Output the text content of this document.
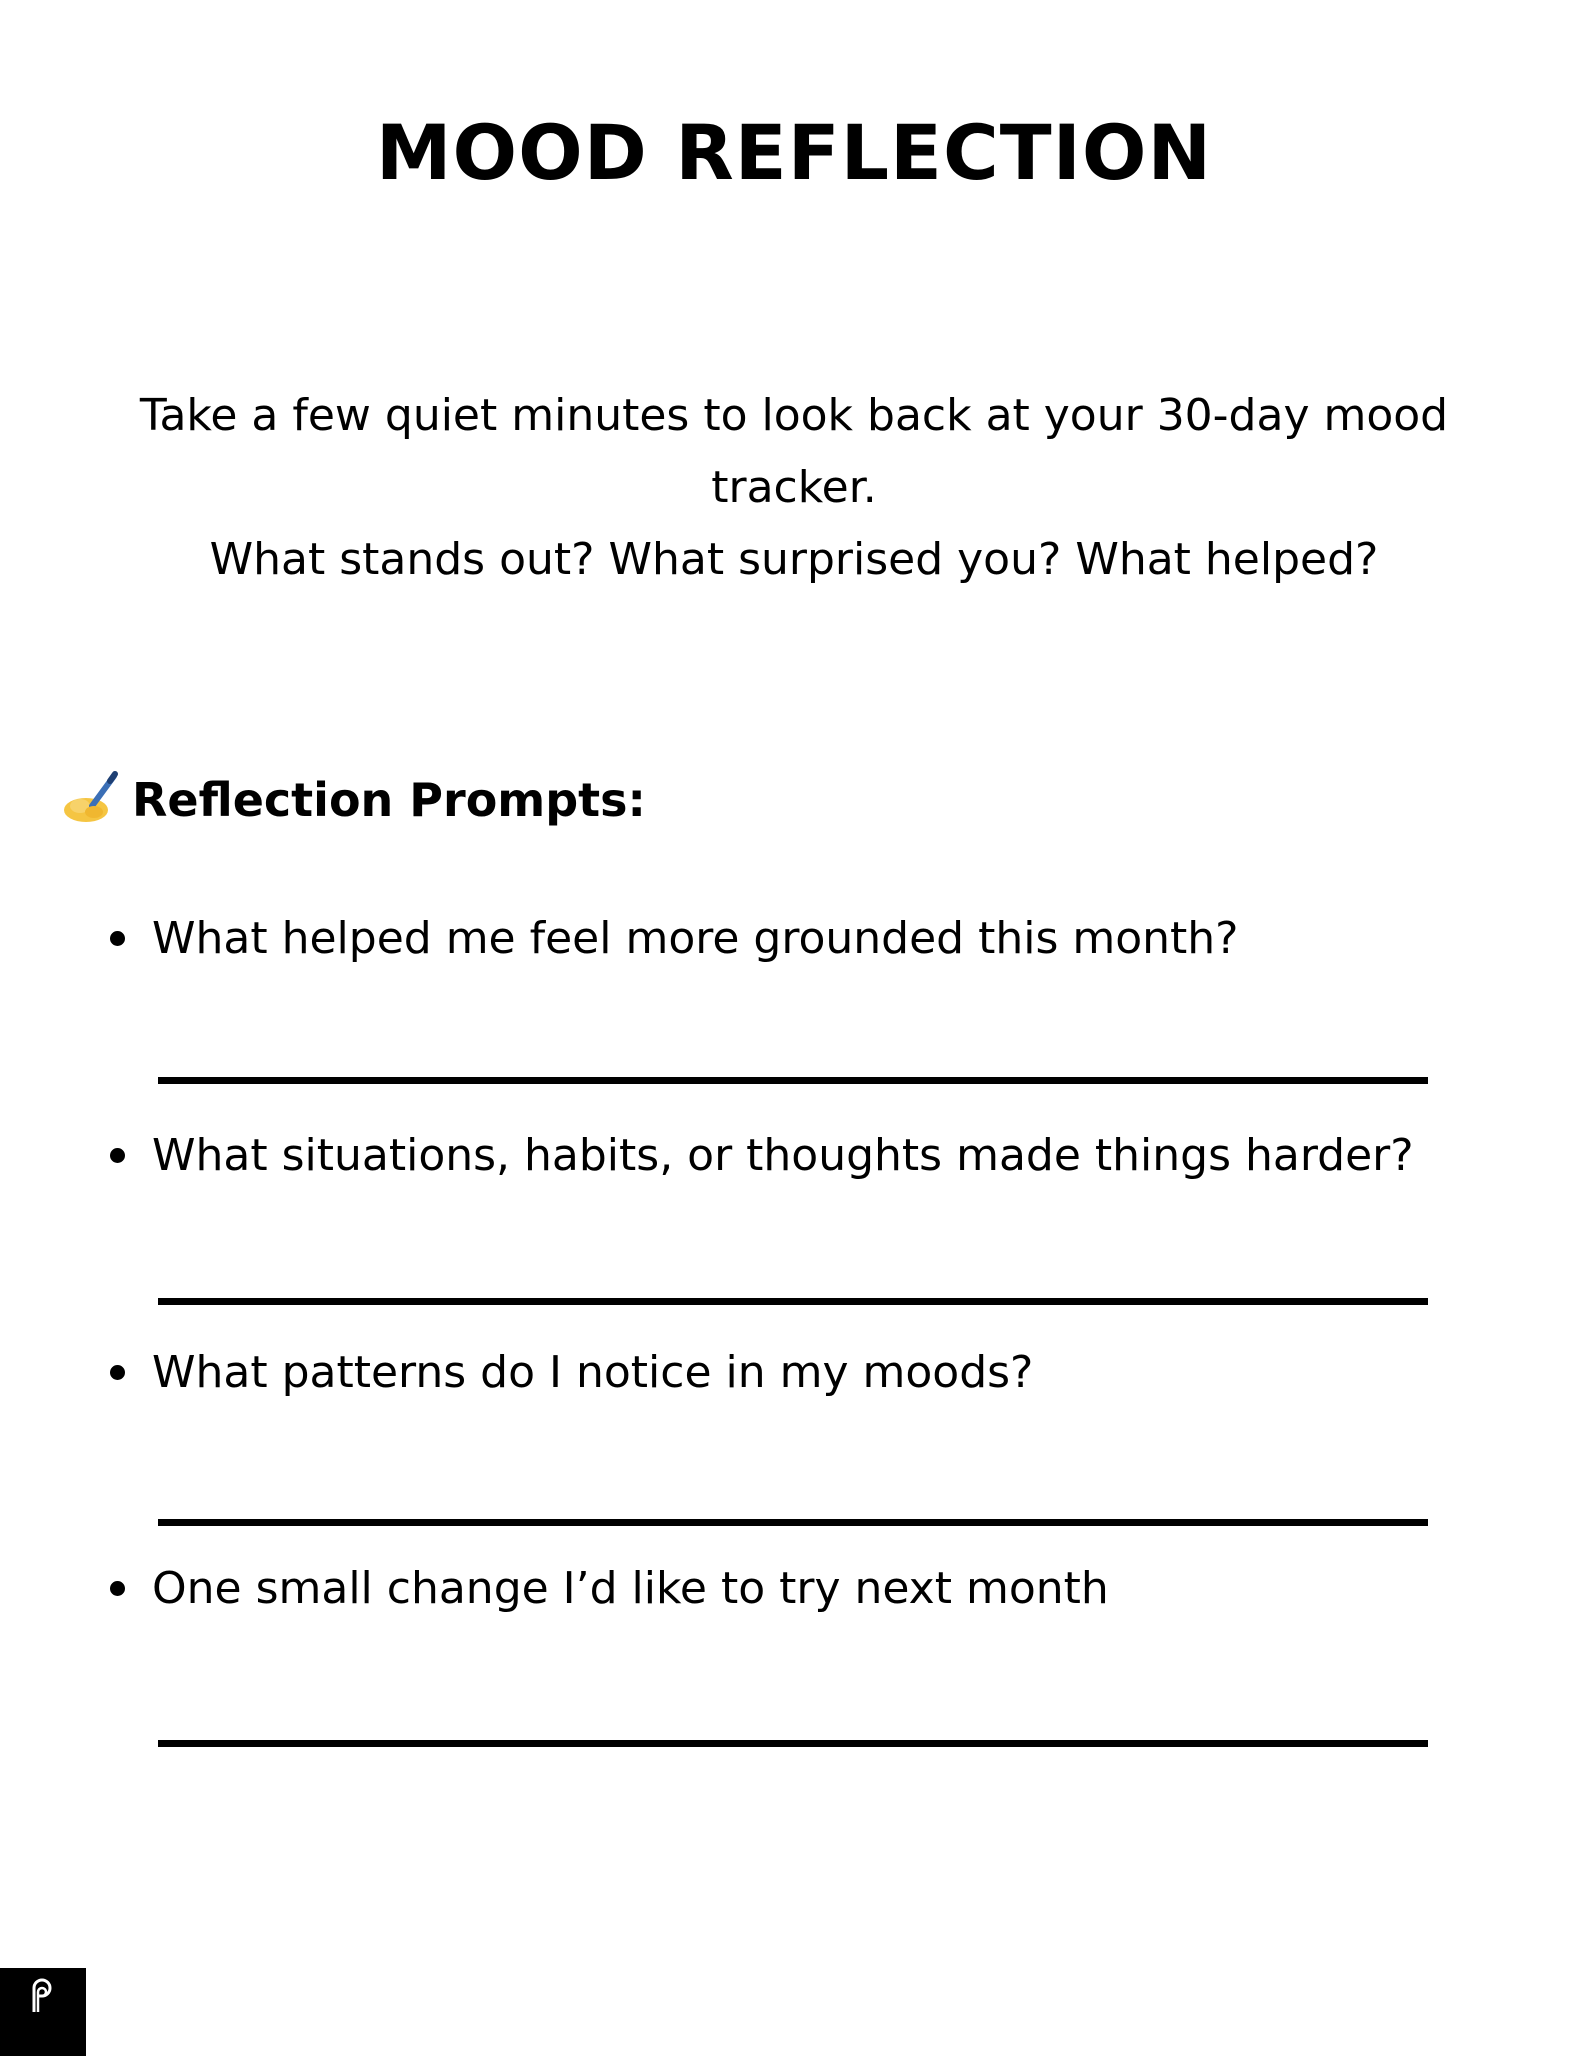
MOOD REFLECTION
Take a few quiet minutes to look back at your 30-day mood
tracker.
What stands out? What surprised you? What helped?
Reflection Prompts:
What helped me feel more grounded this month?
What situations, habits, or thoughts made things harder?
What patterns do I notice in my moods?
One small change I’d like to try next month
